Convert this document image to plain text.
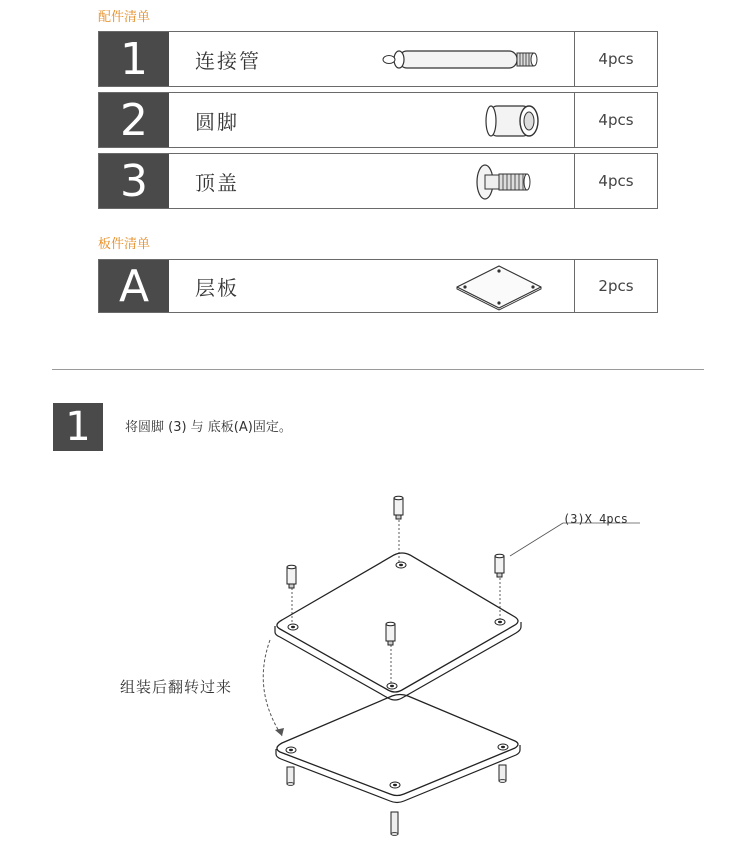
配件清单
1	连接管	4pcs
2	圆脚	4pcs
3	顶盖	4pcs
板件清单
A	层板	2pcs
1	将圆脚 (3) 与 底板(A)固定。
组装后翻转过来
(3)X 4pcs
